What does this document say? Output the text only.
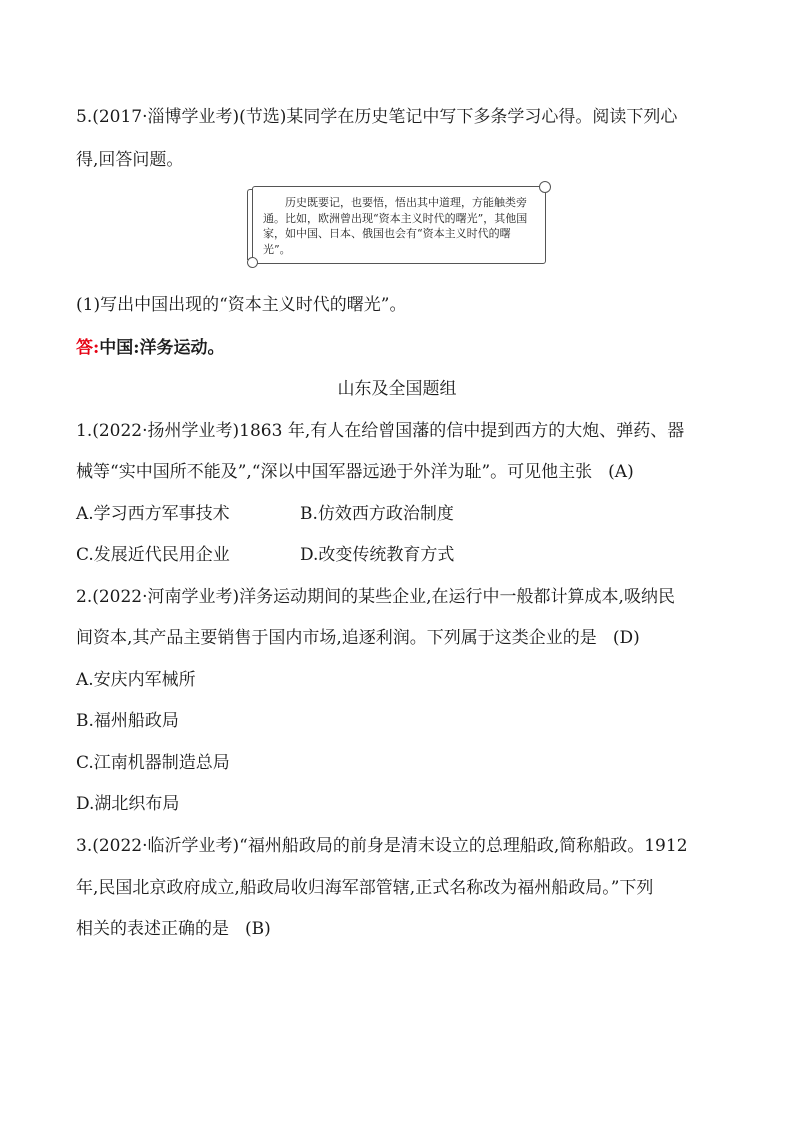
5.(2017·淄博学业考)(节选)某同学在历史笔记中写下多条学习心得。阅读下列心
得,回答问题。
历史既要记，也要悟，悟出其中道理，方能触类旁通。比如，欧洲曾出现“资本主义时代的曙光”，其他国家，如中国、日本、俄国也会有“资本主义时代的曙光”。
(1)写出中国出现的“资本主义时代的曙光”。
答:中国:洋务运动。
山东及全国题组
1.(2022·扬州学业考)1863 年,有人在给曾国藩的信中提到西方的大炮、弹药、器
械等“实中国所不能及”,“深以中国军器远逊于外洋为耻”。可见他主张 (A)
A.学习西方军事技术	B.仿效西方政治制度
C.发展近代民用企业	D.改变传统教育方式
2.(2022·河南学业考)洋务运动期间的某些企业,在运行中一般都计算成本,吸纳民
间资本,其产品主要销售于国内市场,追逐利润。下列属于这类企业的是 (D)
A.安庆内军械所
B.福州船政局
C.江南机器制造总局
D.湖北织布局
3.(2022·临沂学业考)“福州船政局的前身是清末设立的总理船政,简称船政。1912
年,民国北京政府成立,船政局收归海军部管辖,正式名称改为福州船政局。”下列
相关的表述正确的是 (B)
